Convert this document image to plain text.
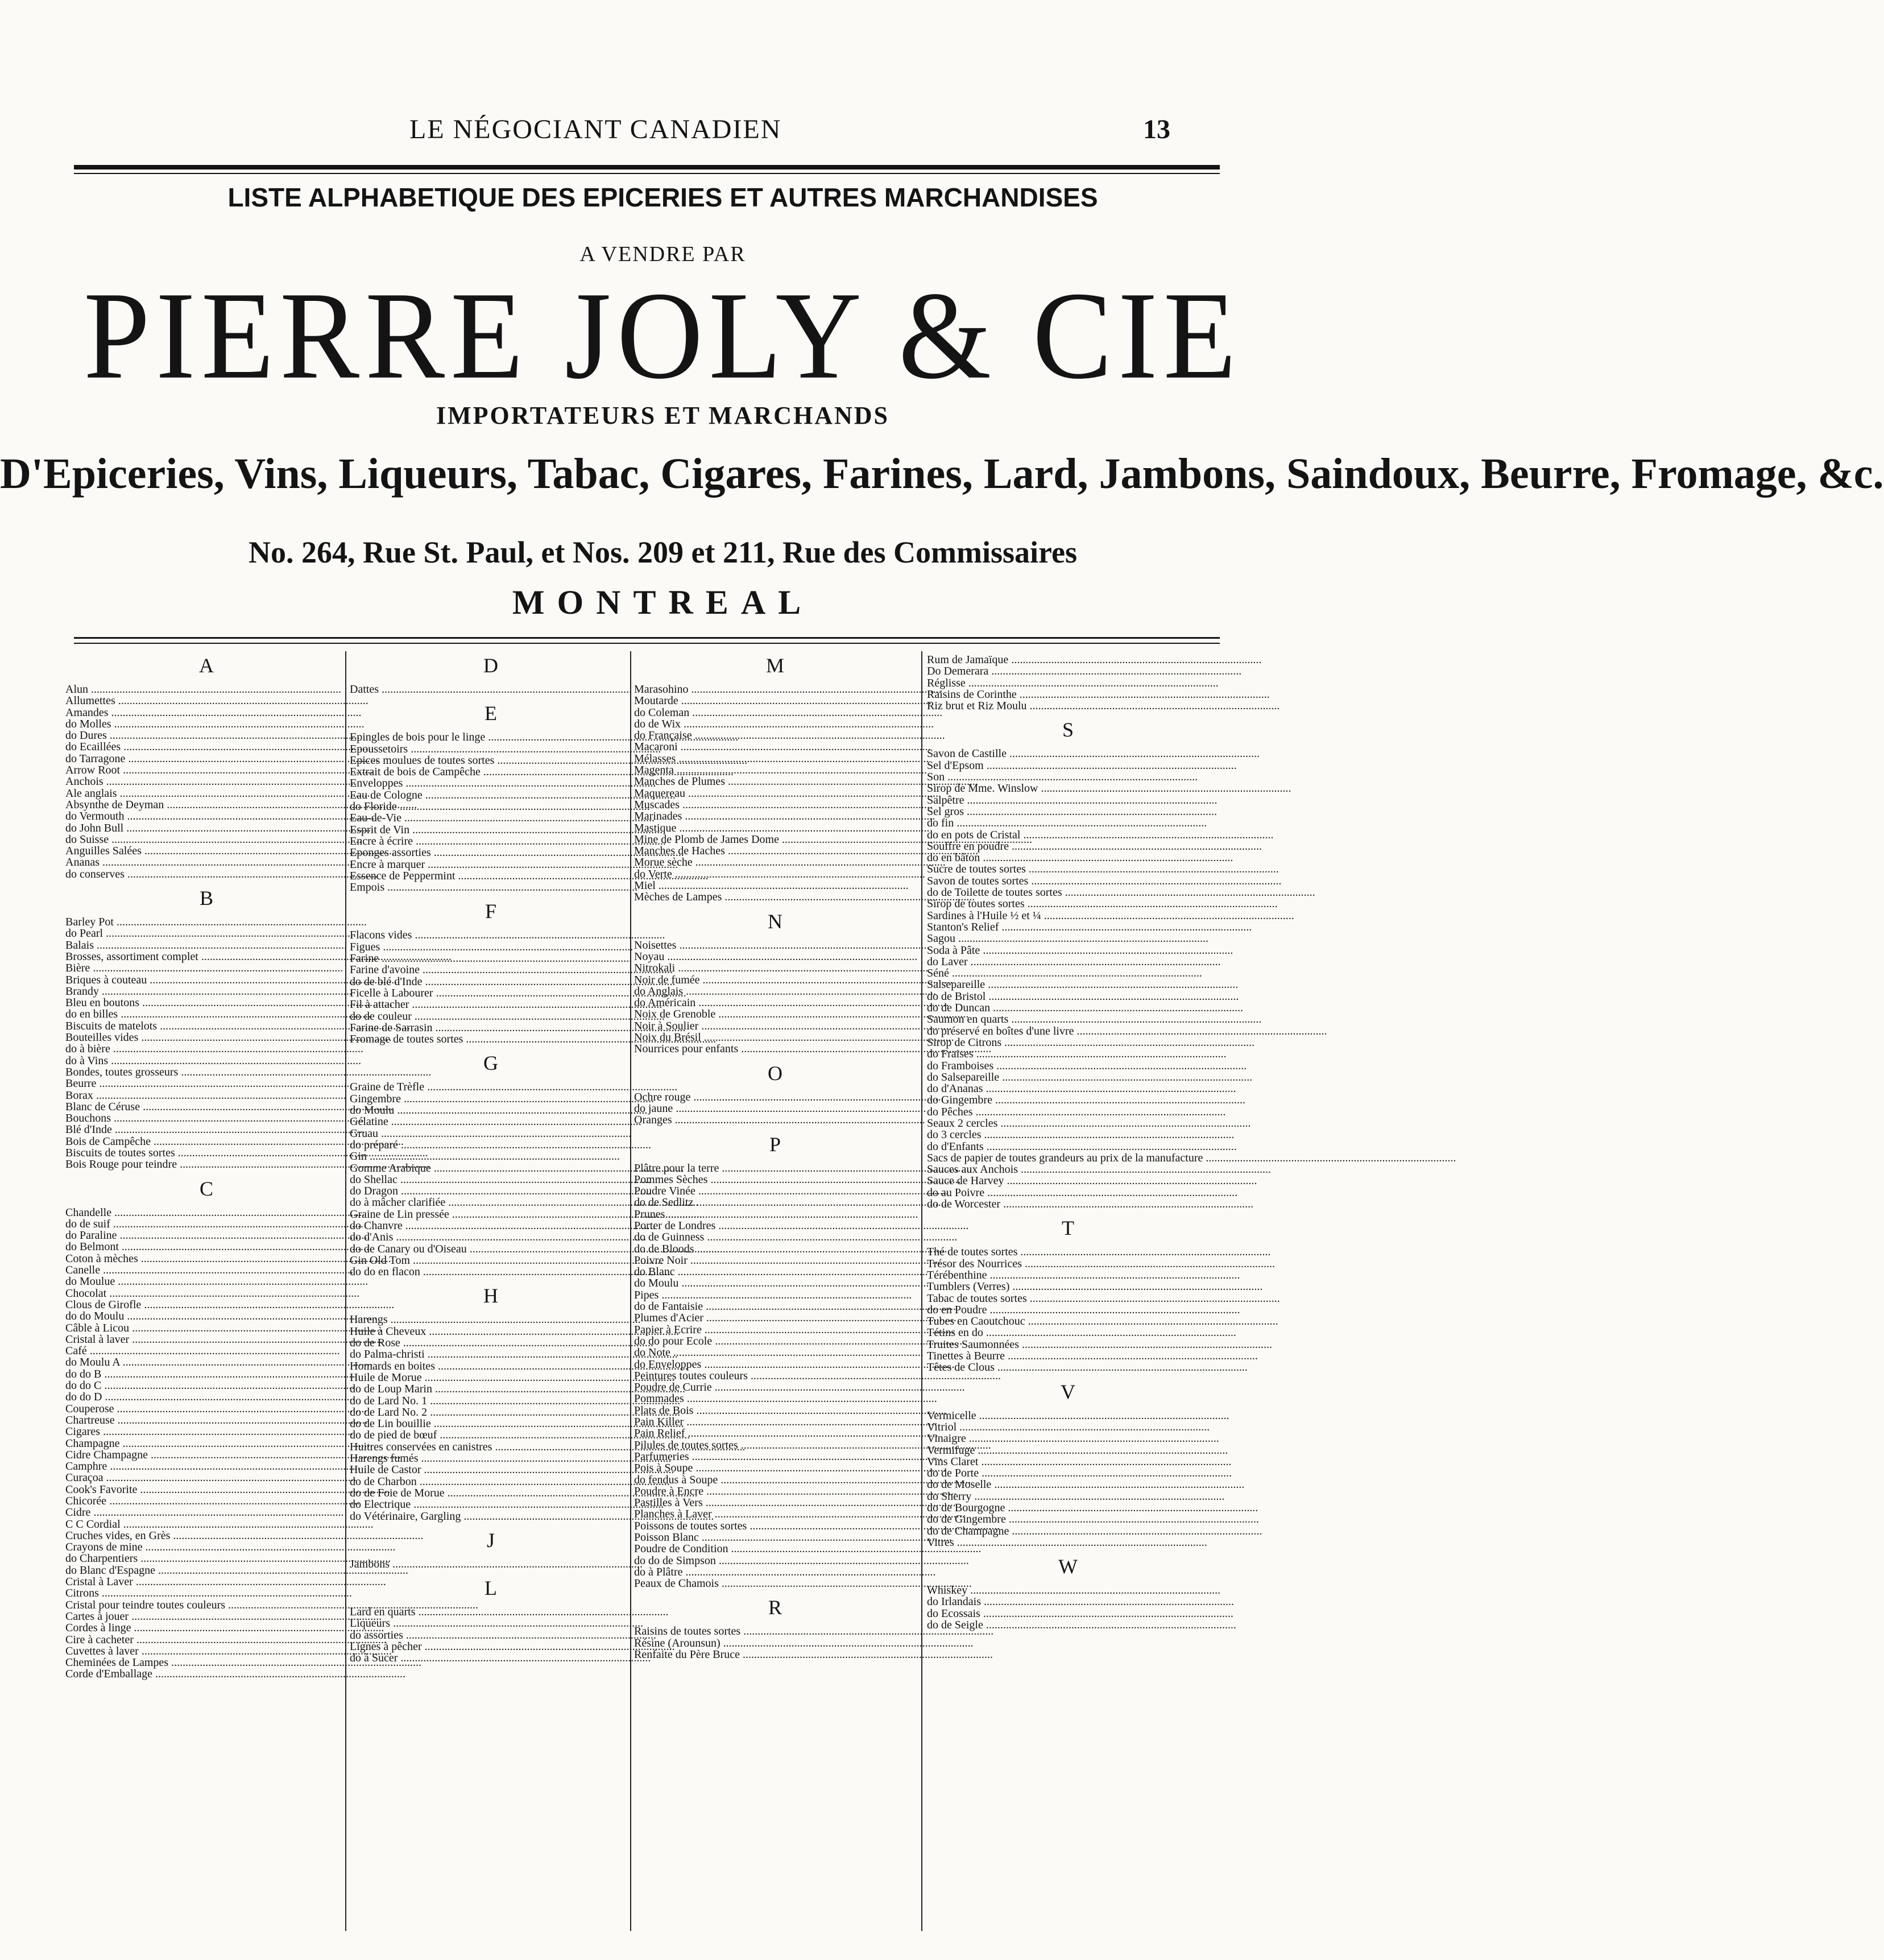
LE NÉGOCIANT CANADIEN	13
LISTE ALPHABETIQUE DES EPICERIES ET AUTRES MARCHANDISES
A VENDRE PAR
PIERRE JOLY & CIE
IMPORTATEURS ET MARCHANDS
D'Epiceries, Vins, Liqueurs, Tabac, Cigares, Farines, Lard, Jambons, Saindoux, Beurre, Fromage, &c.
No. 264, Rue St. Paul, et Nos. 209 et 211, Rue des Commissaires
MONTREAL
A
Alun .....
Allumettes .....
Amandes .....
do Molles .....
do Dures .....
do Ecaillées .....
do Tarragone .....
Arrow Root .....
Anchois .....
Ale anglais .....
Absynthe de Deyman .....
do Vermouth .....
do John Bull .....
do Suisse .....
Anguilles Salées .....
Ananas .....
do conserves .....
B
Barley Pot .....
do Pearl .....
Balais .....
Brosses, assortiment complet .....
Bière .....
Briques à couteau .....
Brandy .....
Bleu en boutons .....
do en billes .....
Biscuits de matelots .....
Bouteilles vides .....
do à bière .....
do à Vins .....
Bondes, toutes grosseurs .....
Beurre .....
Borax .....
Blanc de Céruse .....
Bouchons .....
Blé d'Inde .....
Bois de Campêche .....
Biscuits de toutes sortes .....
Bois Rouge pour teindre .....
C
Chandelle .....
do de suif .....
do Paraline .....
do Belmont .....
Coton à mèches .....
Canelle .....
do Moulue .....
Chocolat .....
Clous de Girofle .....
do do Moulu .....
Câble à Licou .....
Cristal à laver .....
Café .....
do Moulu A .....
do do B .....
do do C .....
do do D .....
Couperose .....
Chartreuse .....
Cigares .....
Champagne .....
Cidre Champagne .....
Camphre .....
Curaçoa .....
Cook's Favorite .....
Chicorée .....
Cidre .....
C C Cordial .....
Cruches vides, en Grès .....
Crayons de mine .....
do Charpentiers .....
do Blanc d'Espagne .....
Cristal à Laver .....
Citrons .....
Cristal pour teindre toutes couleurs .....
Cartes à jouer .....
Cordes à linge .....
Cire à cacheter .....
Cuvettes à laver .....
Cheminées de Lampes .....
Corde d'Emballage .....
D
Dattes .....
E
Epingles de bois pour le linge .....
Epoussetoirs .....
Epices moulues de toutes sortes .....
Extrait de bois de Campêche .....
Enveloppes .....
Eau de Cologne .....
do Floride .....
Eau-de-Vie .....
Esprit de Vin .....
Encre à écrire .....
Eponges assorties .....
Encre à marquer .....
Essence de Peppermint .....
Empois .....
F
Flacons vides .....
Figues .....
Farine .....
Farine d'avoine .....
do de blé d'Inde .....
Ficelle à Labourer .....
Fil à attacher .....
do de couleur .....
Farine de Sarrasin .....
Fromage de toutes sortes .....
G
Graine de Trèfle .....
Gingembre .....
do Moulu .....
Gélatine .....
Gruau .....
do préparé .....
Gin .....
Gomme Arabique .....
do Shellac .....
do Dragon .....
do à mâcher clarifiée .....
Graine de Lin pressée .....
do Chanvre .....
do d'Anis .....
do de Canary ou d'Oiseau .....
Gin Old Tom .....
do do en flacon .....
H
Harengs .....
Huile à Cheveux .....
do de Rose .....
do Palma-christi .....
Homards en boites .....
Huile de Morue .....
do de Loup Marin .....
do de Lard No. 1 .....
do de Lard No. 2 .....
do de Lin bouillie .....
do de pied de bœuf .....
Huitres conservées en canistres .....
Harengs fumés .....
Huile de Castor .....
do de Charbon .....
do de Foie de Morue .....
do Electrique .....
do Vétérinaire, Gargling .....
J
Jambons .....
L
Lard en quarts .....
Liqueurs .....
do assorties .....
Lignes à pêcher .....
do à Sucer .....
M
Marasohino .....
Moutarde .....
do Coleman .....
do de Wix .....
do Française .....
Macaroni .....
Mélasses .....
Magenta .....
Manches de Plumes .....
Maquereau .....
Muscades .....
Marinades .....
Mastique .....
Mine de Plomb de James Dome .....
Manches de Haches .....
Morue sèche .....
do Verte .....
Miel .....
Mèches de Lampes .....
N
Noisettes .....
Noyau .....
Nitrokali .....
Noir de fumée .....
do Anglais .....
do Américain .....
Noix de Grenoble .....
Noir à Soulier .....
Noix du Brésil .....
Nourrices pour enfants .....
O
Ochre rouge .....
do jaune .....
Oranges .....
P
Plâtre pour la terre .....
Pommes Sèches .....
Poudre Vinée .....
do de Sedlitz .....
Prunes .....
Porter de Londres .....
do de Guinness .....
do de Bloods .....
Poivre Noir .....
do Blanc .....
do Moulu .....
Pipes .....
do de Fantaisie .....
Plumes d'Acier .....
Papier à Ecrire .....
do do pour Ecole .....
do Note .....
do Enveloppes .....
Peintures toutes couleurs .....
Poudre de Currie .....
Pommades .....
Plats de Bois .....
Pain Killer .....
Pain Relief .....
Pilules de toutes sortes .....
Parfumeries .....
Pois à Soupe .....
do fendus à Soupe .....
Poudre à Encre .....
Pastilles à Vers .....
Planches à Laver .....
Poissons de toutes sortes .....
Poisson Blanc .....
Poudre de Condition .....
do do de Simpson .....
do à Plâtre .....
Peaux de Chamois .....
R
Raisins de toutes sortes .....
Résine (Arounsun) .....
Renfaite du Père Bruce .....
Rum de Jamaïque .....
Do Demerara .....
Réglisse .....
Raisins de Corinthe .....
Riz brut et Riz Moulu .....
S
Savon de Castille .....
Sel d'Epsom .....
Son .....
Sirop de Mme. Winslow .....
Salpêtre .....
Sel gros .....
do fin .....
do en pots de Cristal .....
Souffre en poudre .....
do en bâton .....
Sucre de toutes sortes .....
Savon de toutes sortes .....
do de Toilette de toutes sortes .....
Sirop de toutes sortes .....
Sardines à l'Huile ½ et ¼ .....
Stanton's Relief .....
Sagou .....
Soda à Pâte .....
do Laver .....
Séné .....
Salsepareille .....
do de Bristol .....
do de Duncan .....
Saumon en quarts .....
do préservé en boîtes d'une livre .....
Sirop de Citrons .....
do Fraises .....
do Framboises .....
do Salsepareille .....
do d'Ananas .....
do Gingembre .....
do Pêches .....
Seaux 2 cercles .....
do 3 cercles .....
do d'Enfants .....
Sacs de papier de toutes grandeurs au prix de la manufacture .....
Sauces aux Anchois .....
Sauce de Harvey .....
do au Poivre .....
do de Worcester .....
T
Thé de toutes sortes .....
Trésor des Nourrices .....
Térébenthine .....
Tumblers (Verres) .....
Tabac de toutes sortes .....
do en Poudre .....
Tubes en Caoutchouc .....
Tétins en do .....
Truites Saumonnées .....
Tinettes à Beurre .....
Têtes de Clous .....
V
Vermicelle .....
Vitriol .....
Vinaigre .....
Vermifuge .....
Vins Claret .....
do de Porte .....
do de Moselle .....
do Sherry .....
do de Bourgogne .....
do de Gingembre .....
do de Champagne .....
Vitres .....
W
Whiskey .....
do Irlandais .....
do Ecossais .....
do de Seigle .....
